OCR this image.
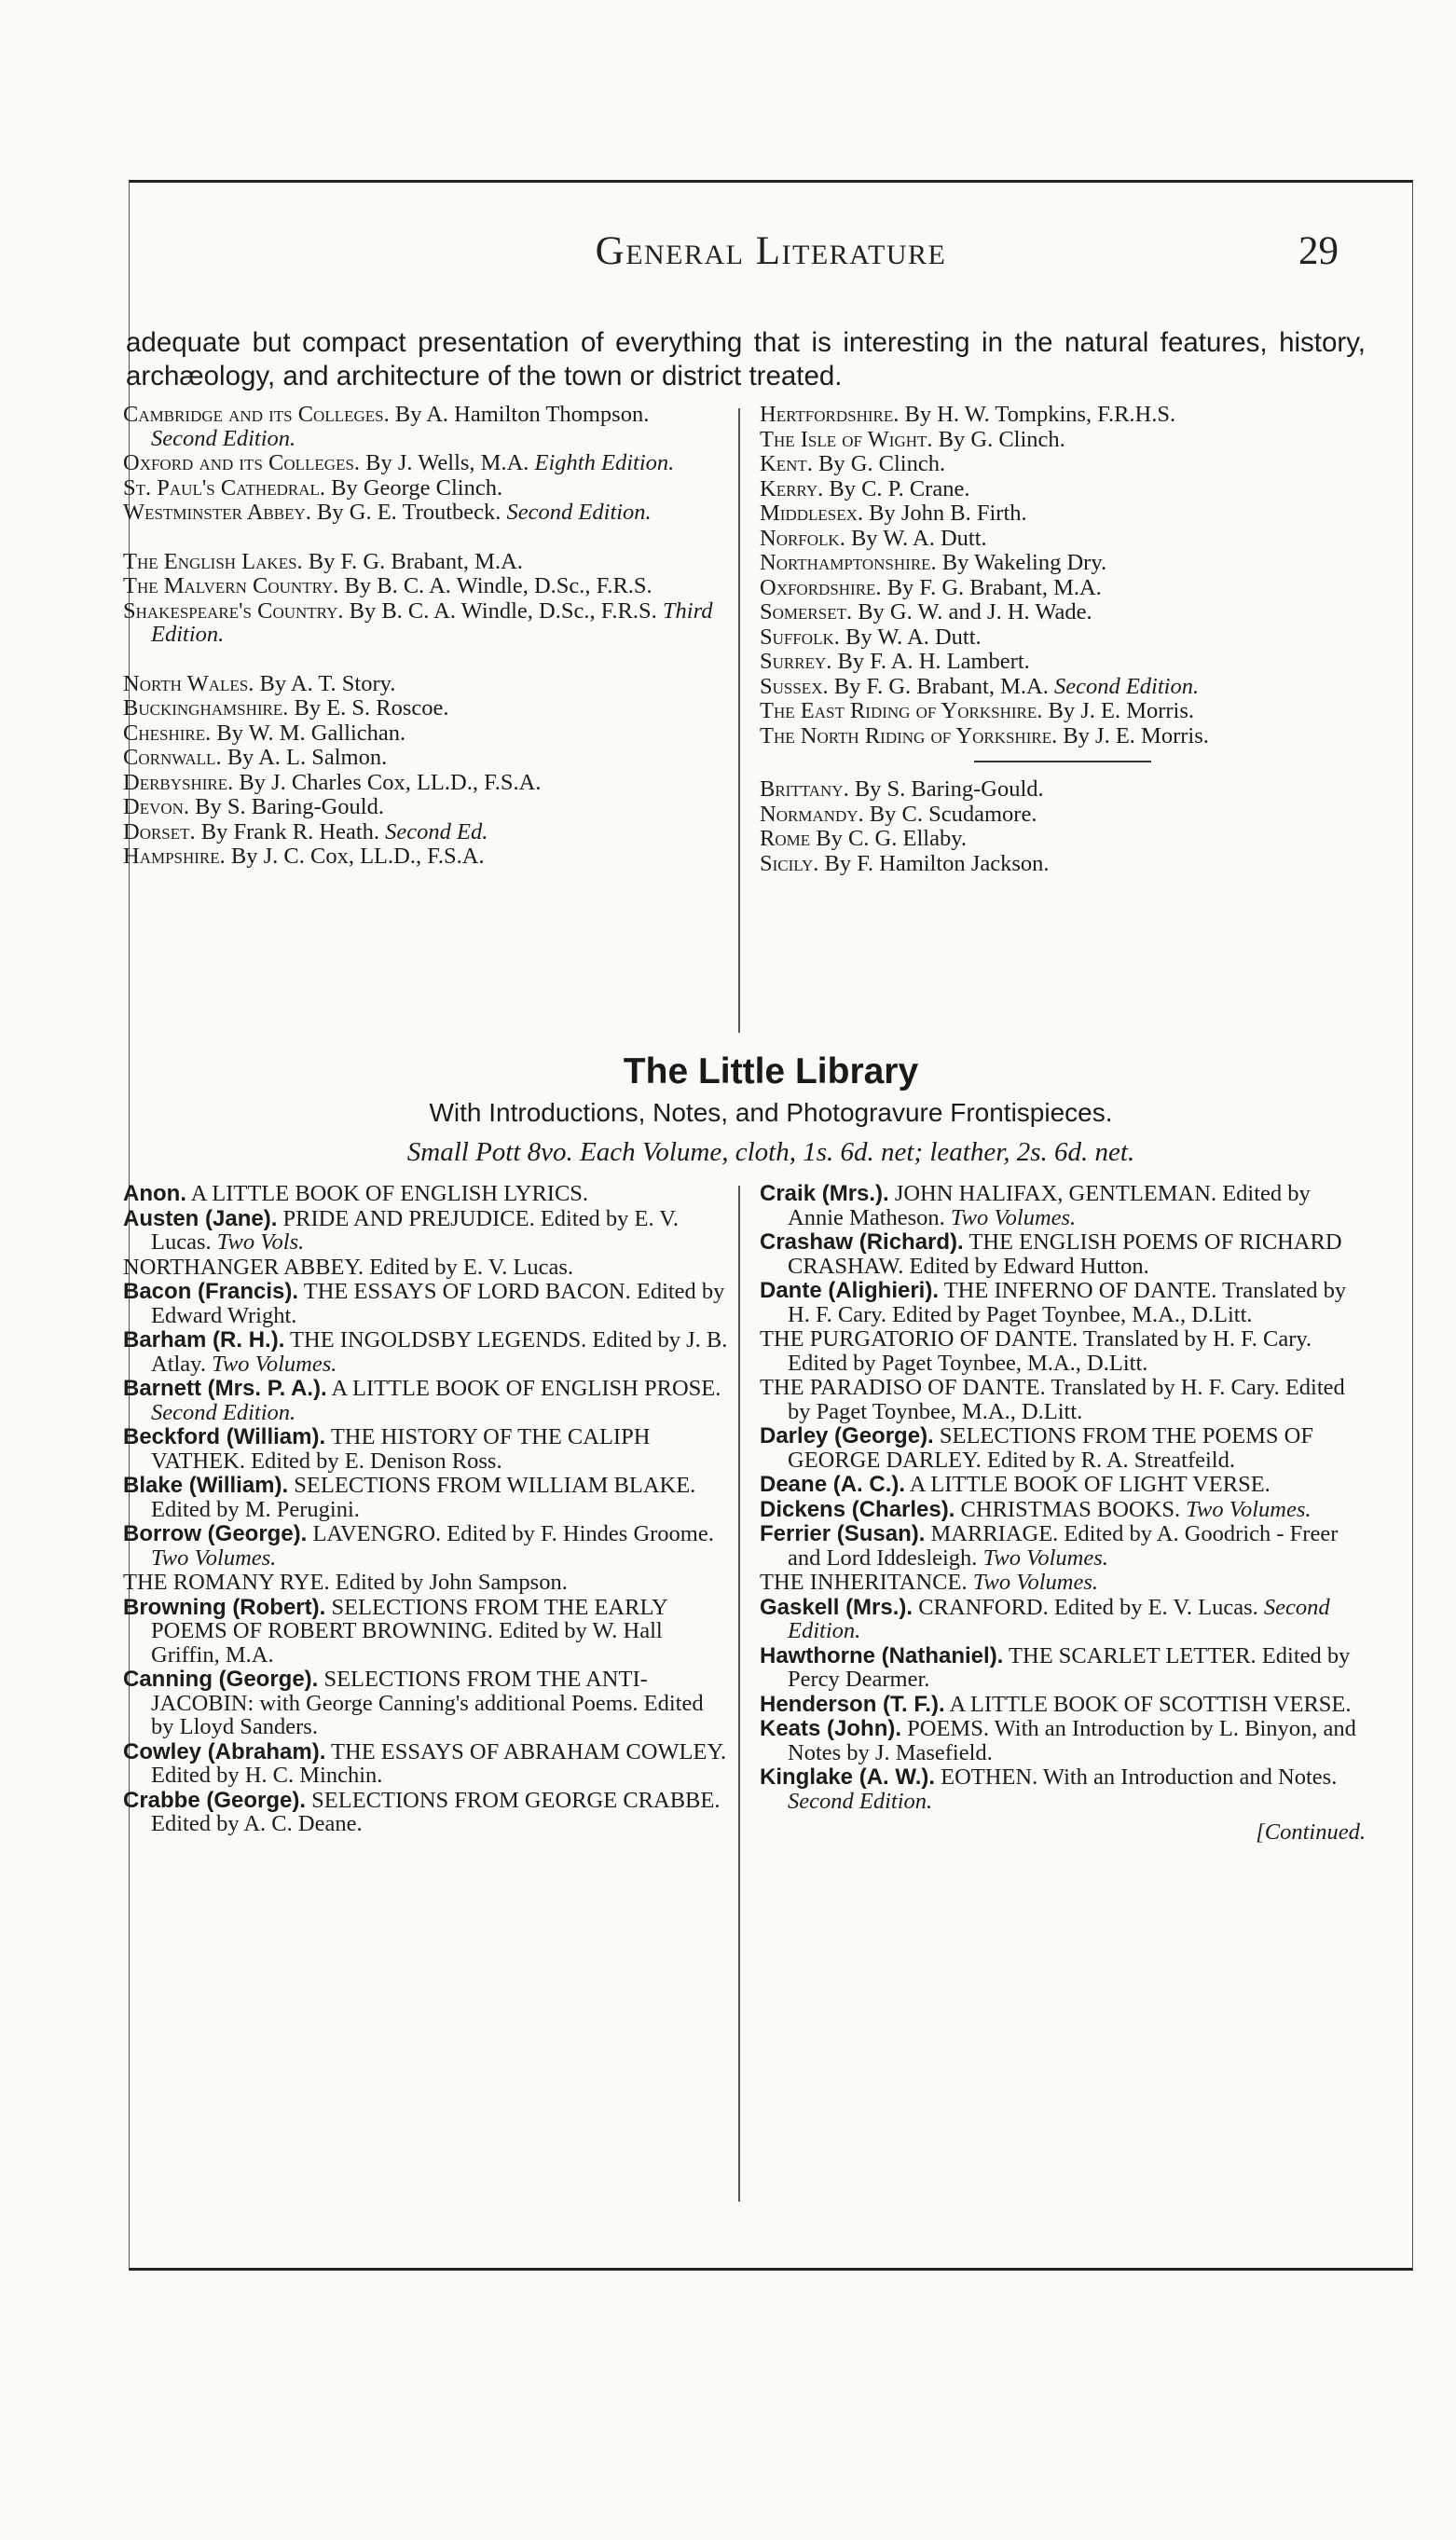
General Literature	29
adequate but compact presentation of everything that is interesting in the natural features, history, archæology, and architecture of the town or district treated.
Cambridge and its Colleges. By A. Hamilton Thompson. Second Edition.
Oxford and its Colleges. By J. Wells, M.A. Eighth Edition.
St. Paul's Cathedral. By George Clinch.
Westminster Abbey. By G. E. Troutbeck. Second Edition.
The English Lakes. By F. G. Brabant, M.A.
The Malvern Country. By B. C. A. Windle, D.Sc., F.R.S.
Shakespeare's Country. By B. C. A. Windle, D.Sc., F.R.S. Third Edition.
North Wales. By A. T. Story.
Buckinghamshire. By E. S. Roscoe.
Cheshire. By W. M. Gallichan.
Cornwall. By A. L. Salmon.
Derbyshire. By J. Charles Cox, LL.D., F.S.A.
Devon. By S. Baring-Gould.
Dorset. By Frank R. Heath. Second Ed.
Hampshire. By J. C. Cox, LL.D., F.S.A.
Hertfordshire. By H. W. Tompkins, F.R.H.S.
The Isle of Wight. By G. Clinch.
Kent. By G. Clinch.
Kerry. By C. P. Crane.
Middlesex. By John B. Firth.
Norfolk. By W. A. Dutt.
Northamptonshire. By Wakeling Dry.
Oxfordshire. By F. G. Brabant, M.A.
Somerset. By G. W. and J. H. Wade.
Suffolk. By W. A. Dutt.
Surrey. By F. A. H. Lambert.
Sussex. By F. G. Brabant, M.A. Second Edition.
The East Riding of Yorkshire. By J. E. Morris.
The North Riding of Yorkshire. By J. E. Morris.
Brittany. By S. Baring-Gould.
Normandy. By C. Scudamore.
Rome By C. G. Ellaby.
Sicily. By F. Hamilton Jackson.
The Little Library
With Introductions, Notes, and Photogravure Frontispieces.
Small Pott 8vo. Each Volume, cloth, 1s. 6d. net; leather, 2s. 6d. net.
Anon. A LITTLE BOOK OF ENGLISH LYRICS.
Austen (Jane). PRIDE AND PREJUDICE. Edited by E. V. Lucas. Two Vols.
NORTHANGER ABBEY. Edited by E. V. Lucas.
Bacon (Francis). THE ESSAYS OF LORD BACON. Edited by Edward Wright.
Barham (R. H.). THE INGOLDSBY LEGENDS. Edited by J. B. Atlay. Two Volumes.
Barnett (Mrs. P. A.). A LITTLE BOOK OF ENGLISH PROSE. Second Edition.
Beckford (William). THE HISTORY OF THE CALIPH VATHEK. Edited by E. Denison Ross.
Blake (William). SELECTIONS FROM WILLIAM BLAKE. Edited by M. Perugini.
Borrow (George). LAVENGRO. Edited by F. Hindes Groome. Two Volumes.
THE ROMANY RYE. Edited by John Sampson.
Browning (Robert). SELECTIONS FROM THE EARLY POEMS OF ROBERT BROWNING. Edited by W. Hall Griffin, M.A.
Canning (George). SELECTIONS FROM THE ANTI-JACOBIN: with George Canning's additional Poems. Edited by Lloyd Sanders.
Cowley (Abraham). THE ESSAYS OF ABRAHAM COWLEY. Edited by H. C. Minchin.
Crabbe (George). SELECTIONS FROM GEORGE CRABBE. Edited by A. C. Deane.
Craik (Mrs.). JOHN HALIFAX, GENTLEMAN. Edited by Annie Matheson. Two Volumes.
Crashaw (Richard). THE ENGLISH POEMS OF RICHARD CRASHAW. Edited by Edward Hutton.
Dante (Alighieri). THE INFERNO OF DANTE. Translated by H. F. Cary. Edited by Paget Toynbee, M.A., D.Litt.
THE PURGATORIO OF DANTE. Translated by H. F. Cary. Edited by Paget Toynbee, M.A., D.Litt.
THE PARADISO OF DANTE. Translated by H. F. Cary. Edited by Paget Toynbee, M.A., D.Litt.
Darley (George). SELECTIONS FROM THE POEMS OF GEORGE DARLEY. Edited by R. A. Streatfeild.
Deane (A. C.). A LITTLE BOOK OF LIGHT VERSE.
Dickens (Charles). CHRISTMAS BOOKS. Two Volumes.
Ferrier (Susan). MARRIAGE. Edited by A. Goodrich - Freer and Lord Iddesleigh. Two Volumes.
THE INHERITANCE. Two Volumes.
Gaskell (Mrs.). CRANFORD. Edited by E. V. Lucas. Second Edition.
Hawthorne (Nathaniel). THE SCARLET LETTER. Edited by Percy Dearmer.
Henderson (T. F.). A LITTLE BOOK OF SCOTTISH VERSE.
Keats (John). POEMS. With an Introduction by L. Binyon, and Notes by J. Masefield.
Kinglake (A. W.). EOTHEN. With an Introduction and Notes. Second Edition.
[Continued.
